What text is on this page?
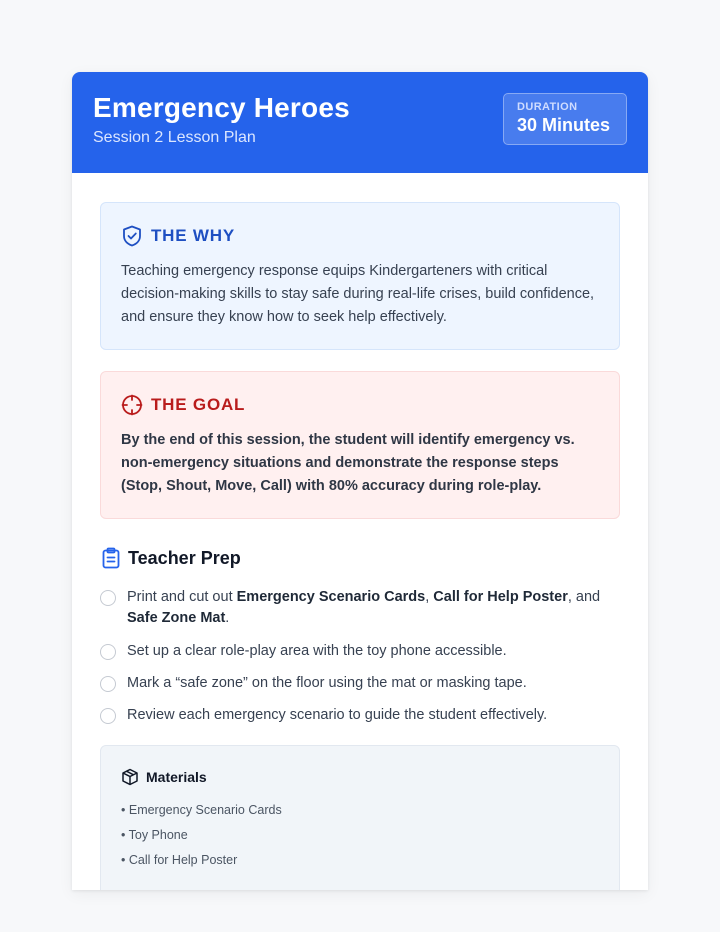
Emergency Heroes
Session 2 Lesson Plan
DURATION
30 Minutes
THE WHY
Teaching emergency response equips Kindergarteners with critical decision-making skills to stay safe during real-life crises, build confidence, and ensure they know how to seek help effectively.
THE GOAL
By the end of this session, the student will identify emergency vs. non-emergency situations and demonstrate the response steps (Stop, Shout, Move, Call) with 80% accuracy during role-play.
Teacher Prep
Print and cut out Emergency Scenario Cards, Call for Help Poster, and Safe Zone Mat.
Set up a clear role-play area with the toy phone accessible.
Mark a “safe zone” on the floor using the mat or masking tape.
Review each emergency scenario to guide the student effectively.
Materials
• Emergency Scenario Cards
• Toy Phone
• Call for Help Poster
